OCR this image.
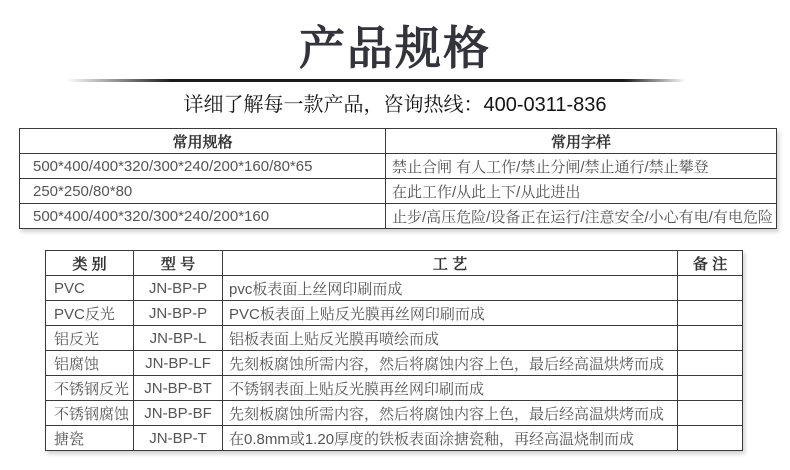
产品规格
详细了解每一款产品，咨询热线：400-0311-836
常用规格	常用字样
500*400/400*320/300*240/200*160/80*65	禁止合闸 有人工作/禁止分闸/禁止通行/禁止攀登
250*250/80*80	在此工作/从此上下/从此进出
500*400/400*320/300*240/200*160	止步/高压危险/设备正在运行/注意安全/小心有电/有电危险
类 别	型 号	工 艺	备 注
PVC	JN-BP-P	pvc板表面上丝网印刷而成	
PVC反光	JN-BP-P	PVC板表面上贴反光膜再丝网印刷而成	
铝反光	JN-BP-L	铝板表面上贴反光膜再喷绘而成	
铝腐蚀	JN-BP-LF	先刻板腐蚀所需内容，然后将腐蚀内容上色，最后经高温烘烤而成	
不锈钢反光	JN-BP-BT	不锈钢表面上贴反光膜再丝网印刷而成	
不锈钢腐蚀	JN-BP-BF	先刻板腐蚀所需内容，然后将腐蚀内容上色，最后经高温烘烤而成	
搪瓷	JN-BP-T	在0.8mm或1.20厚度的铁板表面涂搪瓷釉，再经高温烧制而成	
